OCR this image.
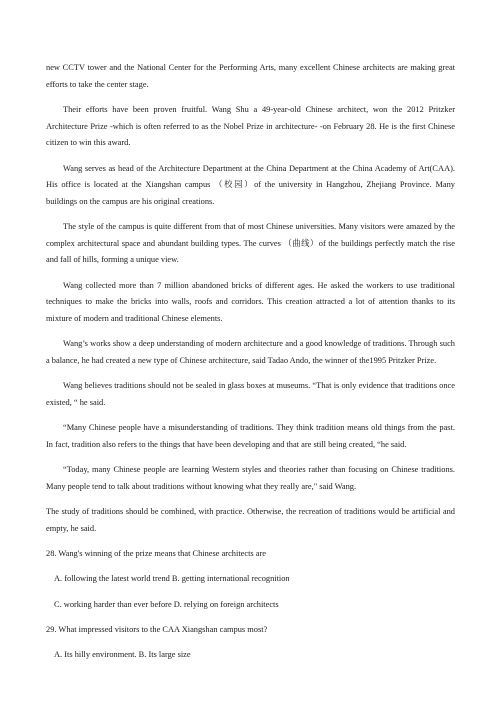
new CCTV tower and the National Center for the Performing Arts, many excellent Chinese architects are making great efforts to take the center stage.

Their efforts have been proven fruitful. Wang Shu a 49-year-old Chinese architect, won the 2012 Pritzker Architecture Prize -which is often referred to as the Nobel Prize in architecture- -on February 28. He is the first Chinese citizen to win this award.

Wang serves as head of the Architecture Department at the China Department at the China Academy of Art(CAA). His office is located at the Xiangshan campus （校园）of the university in Hangzhou, Zhejiang Province. Many buildings on the campus are his original creations.

The style of the campus is quite different from that of most Chinese universities. Many visitors were amazed by the complex architectural space and abundant building types. The curves （曲线）of the buildings perfectly match the rise and fall of hills, forming a unique view.

Wang collected more than 7 million abandoned bricks of different ages. He asked the workers to use traditional techniques to make the bricks into walls, roofs and corridors. This creation attracted a lot of attention thanks to its mixture of modern and traditional Chinese elements.

Wang’s works show a deep understanding of modern architecture and a good knowledge of traditions. Through such a balance, he had created a new type of Chinese architecture, said Tadao Ando, the winner of the1995 Pritzker Prize.

Wang believes traditions should not be sealed in glass boxes at museums. “That is only evidence that traditions once existed, “ he said.

“Many Chinese people have a misunderstanding of traditions. They think tradition means old things from the past. In fact, tradition also refers to the things that have been developing and that are still being created, “he said.

“Today, many Chinese people are learning Western styles and theories rather than focusing on Chinese traditions. Many people tend to talk about traditions without knowing what they really are," said Wang.

The study of traditions should be combined, with practice. Otherwise, the recreation of traditions would be artificial and empty, he said.

28. Wang's winning of the prize means that Chinese architects are

A. following the latest world trend B. getting international recognition

C. working harder than ever before D. relying on foreign architects

29. What impressed visitors to the CAA Xiangshan campus most?

A. Its hilly environment. B. Its large size
